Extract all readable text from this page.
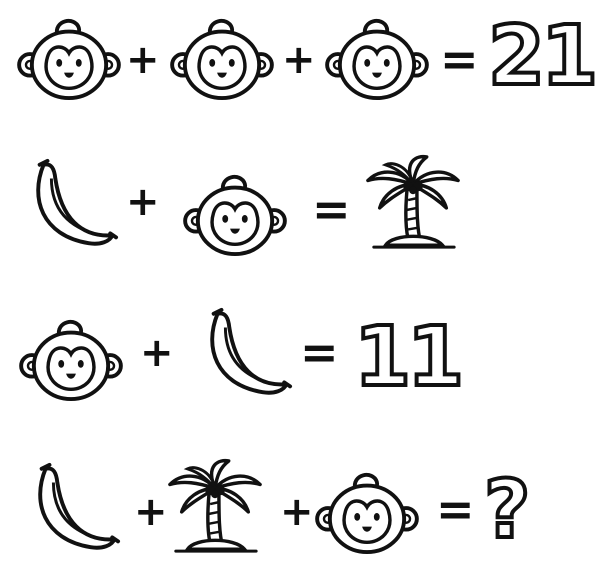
+	+	= 21
+	=
+	= 11
+	+	= ?
